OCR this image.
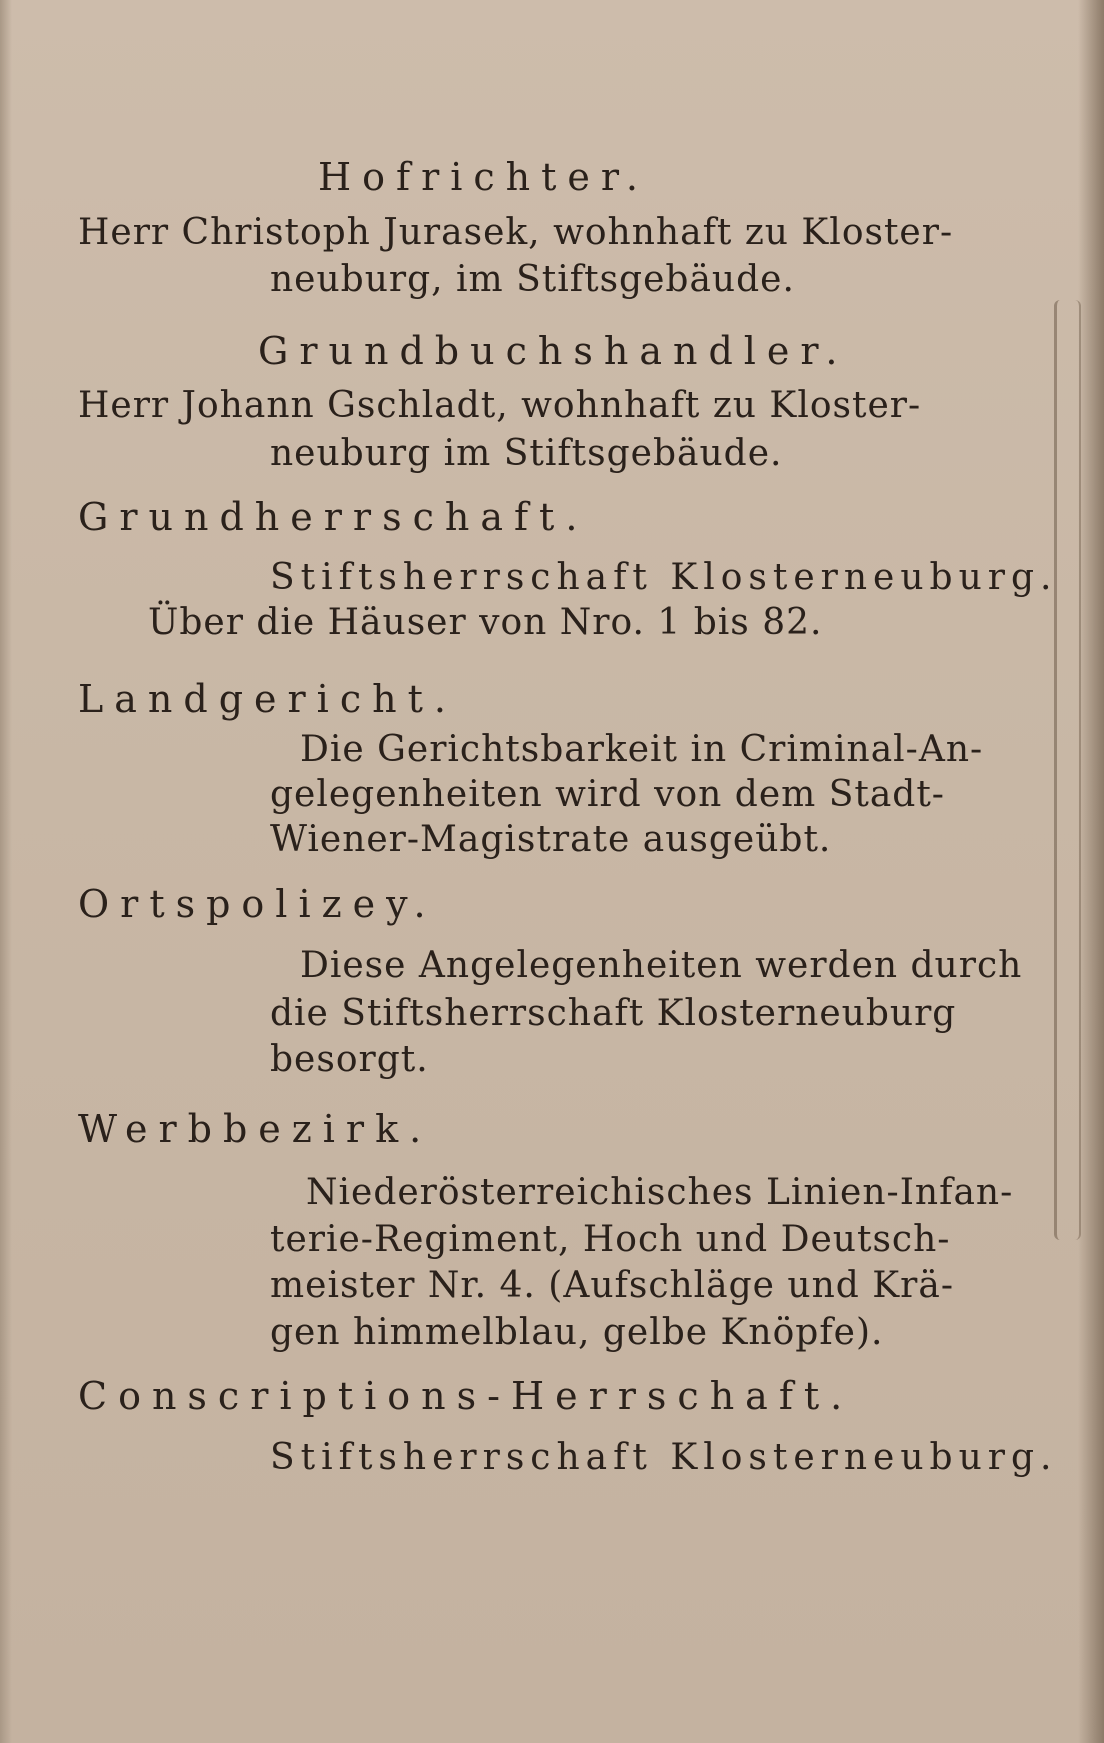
Hofrichter.
Herr Christoph Jurasek, wohnhaft zu Kloster-
neuburg, im Stiftsgebäude.
Grundbuchshandler.
Herr Johann Gschladt, wohnhaft zu Kloster-
neuburg im Stiftsgebäude.
Grundherrschaft.
Stiftsherrschaft Klosterneuburg.
Über die Häuser von Nro. 1 bis 82.
Landgericht.
Die Gerichtsbarkeit in Criminal-An-
gelegenheiten wird von dem Stadt-
Wiener-Magistrate ausgeübt.
Ortspolizey.
Diese Angelegenheiten werden durch
die Stiftsherrschaft Klosterneuburg
besorgt.
Werbbezirk.
Niederösterreichisches Linien-Infan-
terie-Regiment, Hoch und Deutsch-
meister Nr. 4. (Aufschläge und Krä-
gen himmelblau, gelbe Knöpfe).
Conscriptions-Herrschaft.
Stiftsherrschaft Klosterneuburg.
